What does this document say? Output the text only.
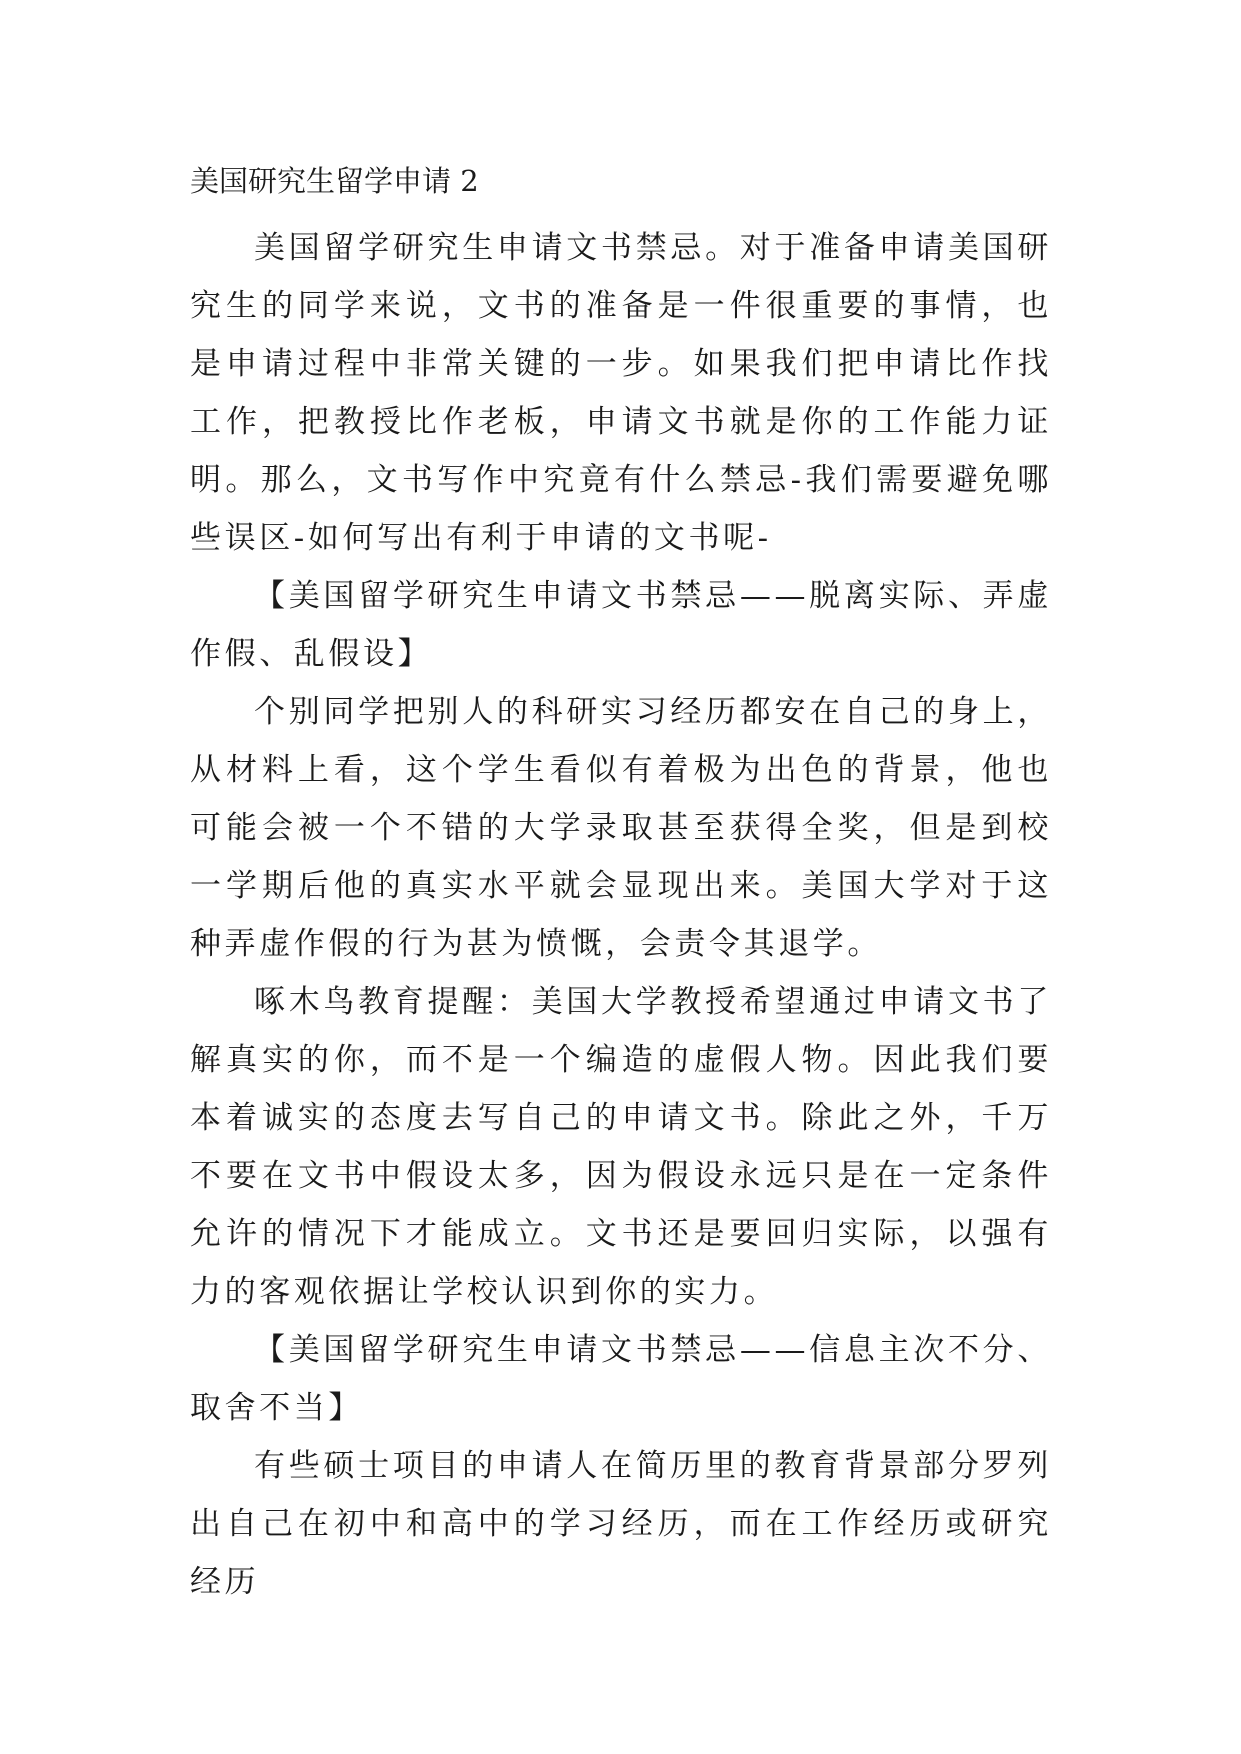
美国研究生留学申请 2

美国留学研究生申请文书禁忌。对于准备申请美国研究生的同学来说，文书的准备是一件很重要的事情，也是申请过程中非常关键的一步。如果我们把申请比作找工作，把教授比作老板，申请文书就是你的工作能力证明。那么，文书写作中究竟有什么禁忌-我们需要避免哪些误区-如何写出有利于申请的文书呢-

【美国留学研究生申请文书禁忌——脱离实际、弄虚作假、乱假设】

个别同学把别人的科研实习经历都安在自己的身上，从材料上看，这个学生看似有着极为出色的背景，他也可能会被一个不错的大学录取甚至获得全奖，但是到校一学期后他的真实水平就会显现出来。美国大学对于这种弄虚作假的行为甚为愤慨，会责令其退学。

啄木鸟教育提醒：美国大学教授希望通过申请文书了解真实的你，而不是一个编造的虚假人物。因此我们要本着诚实的态度去写自己的申请文书。除此之外，千万不要在文书中假设太多，因为假设永远只是在一定条件允许的情况下才能成立。文书还是要回归实际，以强有力的客观依据让学校认识到你的实力。

【美国留学研究生申请文书禁忌——信息主次不分、取舍不当】

有些硕士项目的申请人在简历里的教育背景部分罗列出自己在初中和高中的学习经历，而在工作经历或研究经历
